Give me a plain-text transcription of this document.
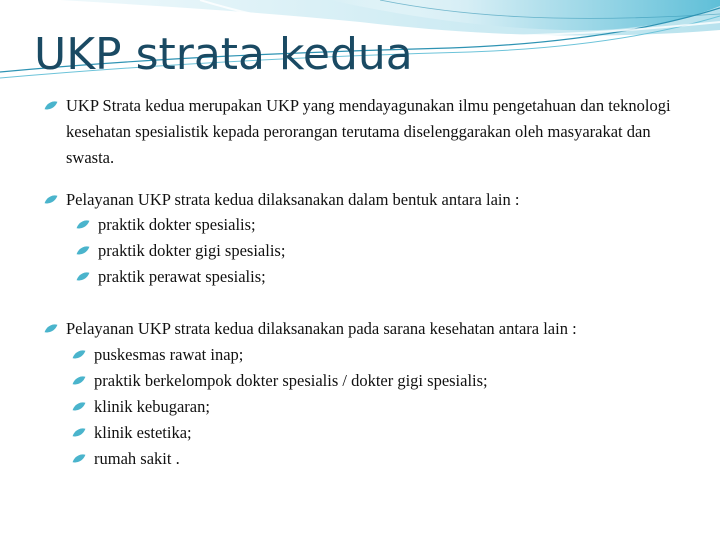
UKP strata kedua
UKP Strata kedua merupakan UKP yang mendayagunakan ilmu pengetahuan dan teknologi kesehatan spesialistik kepada perorangan terutama diselenggarakan oleh masyarakat dan swasta.
Pelayanan UKP strata kedua dilaksanakan dalam bentuk antara lain :
praktik dokter spesialis;
praktik dokter gigi spesialis;
praktik perawat spesialis;
Pelayanan UKP strata kedua dilaksanakan pada sarana kesehatan antara lain :
puskesmas rawat inap;
praktik berkelompok dokter spesialis / dokter gigi spesialis;
klinik kebugaran;
klinik estetika;
rumah sakit .
